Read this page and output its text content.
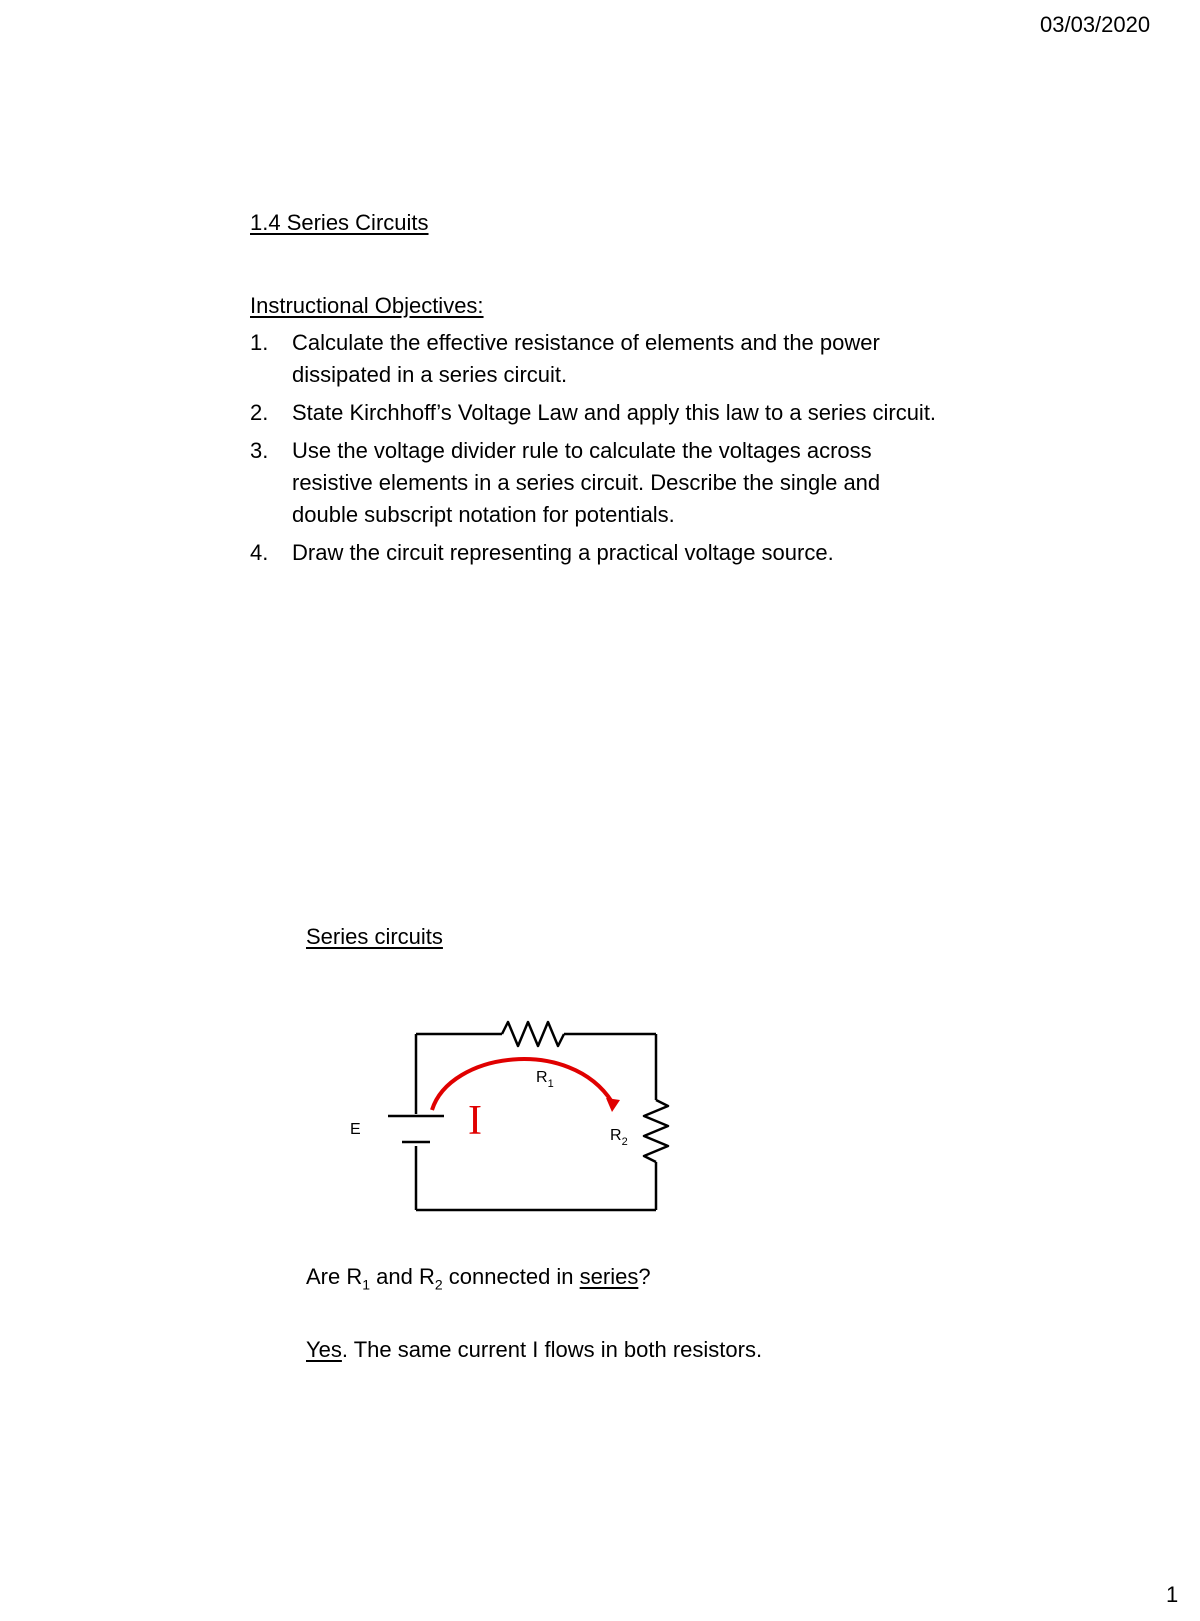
03/03/2020
1.4 Series Circuits
Instructional Objectives:
1. Calculate the effective resistance of elements and the power dissipated in a series circuit.
2. State Kirchhoff’s Voltage Law and apply this law to a series circuit.
3. Use the voltage divider rule to calculate the voltages across resistive elements in a series circuit. Describe the single and double subscript notation for potentials.
4. Draw the circuit representing a practical voltage source.
Series circuits
I
E
$R_1$
$R_2$
Are $R_1$ and $R_2$ connected in series?
Yes. The same current I flows in both resistors.
1
